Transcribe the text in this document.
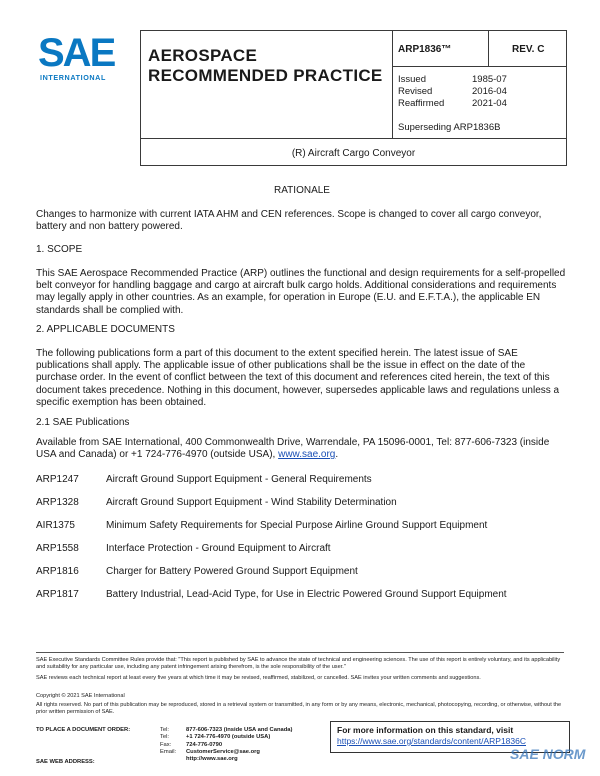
SAE
INTERNATIONAL
AEROSPACE
RECOMMENDED PRACTICE
ARP1836™	REV. C
Issued	1985-07
Revised	2016-04
Reaffirmed	2021-04
Superseding ARP1836B
(R) Aircraft Cargo Conveyor
RATIONALE
Changes to harmonize with current IATA AHM and CEN references. Scope is changed to cover all cargo conveyor, battery and non battery powered.
1. SCOPE
This SAE Aerospace Recommended Practice (ARP) outlines the functional and design requirements for a self-propelled belt conveyor for handling baggage and cargo at aircraft bulk cargo holds. Additional considerations and requirements may legally apply in other countries. As an example, for operation in Europe (E.U. and E.F.T.A.), the applicable EN standards shall be complied with.
2. APPLICABLE DOCUMENTS
The following publications form a part of this document to the extent specified herein. The latest issue of SAE publications shall apply. The applicable issue of other publications shall be the issue in effect on the date of the purchase order. In the event of conflict between the text of this document and references cited herein, the text of this document takes precedence. Nothing in this document, however, supersedes applicable laws and regulations unless a specific exemption has been obtained.
2.1 SAE Publications
Available from SAE International, 400 Commonwealth Drive, Warrendale, PA 15096-0001, Tel: 877-606-7323 (inside USA and Canada) or +1 724-776-4970 (outside USA), www.sae.org.
ARP1247	Aircraft Ground Support Equipment - General Requirements
ARP1328	Aircraft Ground Support Equipment - Wind Stability Determination
AIR1375	Minimum Safety Requirements for Special Purpose Airline Ground Support Equipment
ARP1558	Interface Protection - Ground Equipment to Aircraft
ARP1816	Charger for Battery Powered Ground Support Equipment
ARP1817	Battery Industrial, Lead-Acid Type, for Use in Electric Powered Ground Support Equipment
SAE Executive Standards Committee Rules provide that: "This report is published by SAE to advance the state of technical and engineering sciences. The use of this report is entirely voluntary, and its applicability and suitability for any particular use, including any patent infringement arising therefrom, is the sole responsibility of the user."
SAE reviews each technical report at least every five years at which time it may be revised, reaffirmed, stabilized, or cancelled. SAE invites your written comments and suggestions.
Copyright © 2021 SAE International
All rights reserved. No part of this publication may be reproduced, stored in a retrieval system or transmitted, in any form or by any means, electronic, mechanical, photocopying, recording, or otherwise, without the prior written permission of SAE.
TO PLACE A DOCUMENT ORDER:
SAE WEB ADDRESS:
Tel:	877-606-7323 (inside USA and Canada)
Tel:	+1 724-776-4970 (outside USA)
Fax:	724-776-0790
Email:	CustomerService@sae.org
http://www.sae.org
For more information on this standard, visit
https://www.sae.org/standards/content/ARP1836C
SAE NORM
